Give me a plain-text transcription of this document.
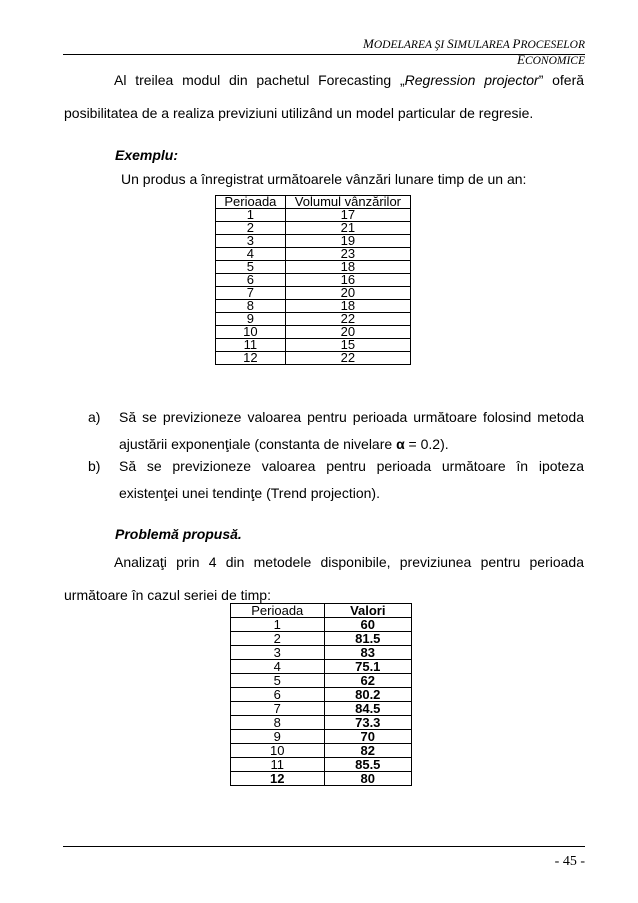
MODELAREA ŞI SIMULAREA PROCESELOR ECONOMICE
Al treilea modul din pachetul Forecasting „Regression projector” oferă posibilitatea de a realiza previziuni utilizând un model particular de regresie.
Exemplu:
Un produs a înregistrat următoarele vânzări lunare timp de un an:
Perioada	Volumul vânzărilor
1	17
2	21
3	19
4	23
5	18
6	16
7	20
8	18
9	22
10	20
11	15
12	22
a) Să se previzioneze valoarea pentru perioada următoare folosind metoda ajustării exponenţiale (constanta de nivelare α = 0.2).
b) Să se previzioneze valoarea pentru perioada următoare în ipoteza existenţei unei tendinţe (Trend projection).
Problemă propusă.
Analizaţi prin 4 din metodele disponibile, previziunea pentru perioada următoare în cazul seriei de timp:
Perioada	Valori
1	60
2	81.5
3	83
4	75.1
5	62
6	80.2
7	84.5
8	73.3
9	70
10	82
11	85.5
12	80
- 45 -
